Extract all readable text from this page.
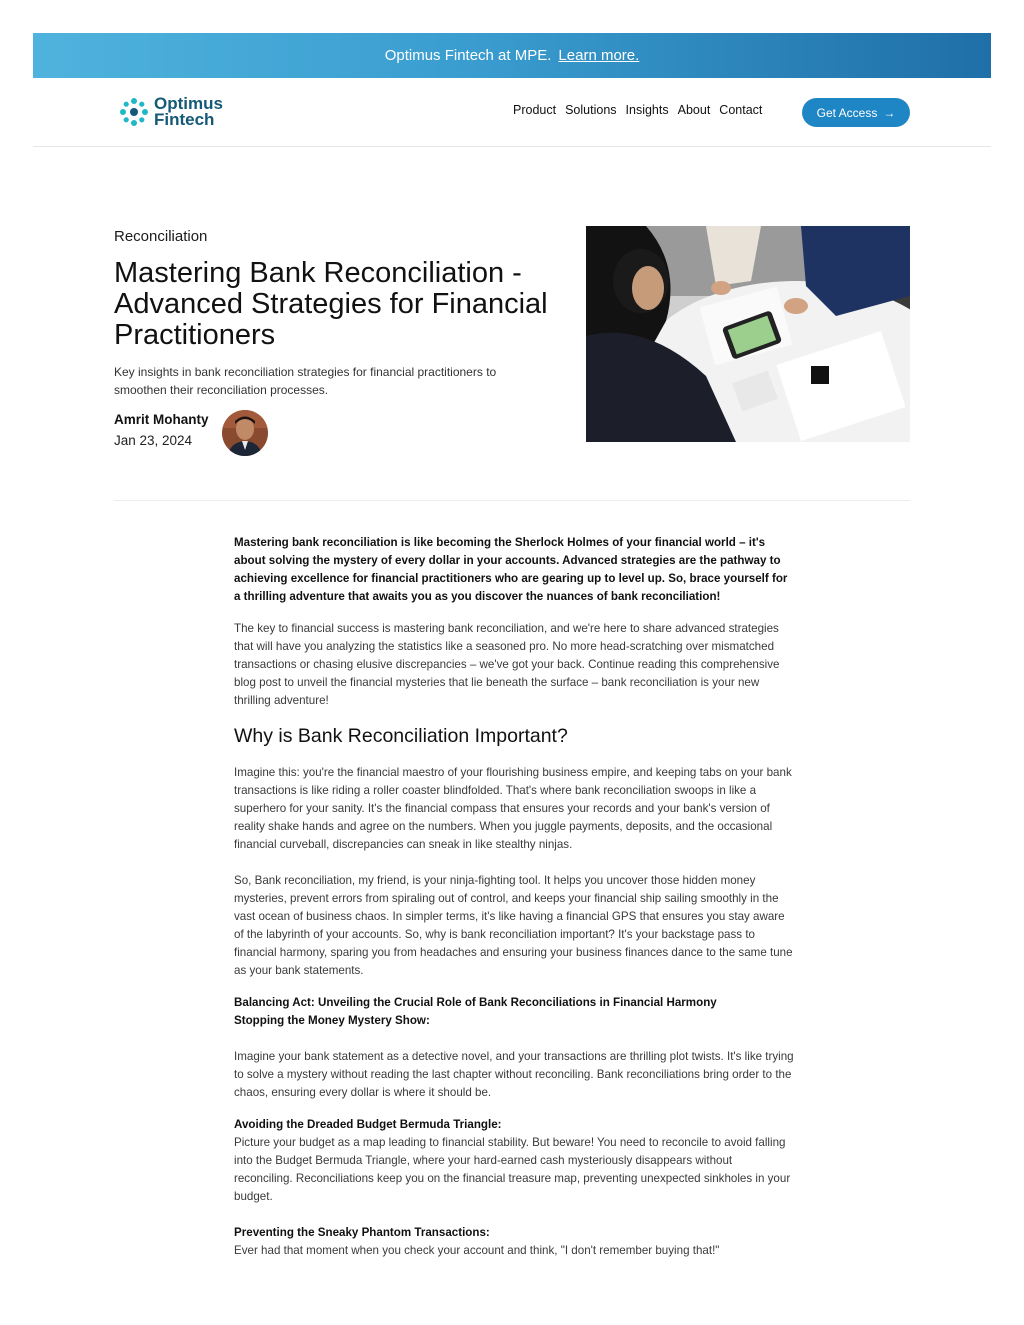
Optimus Fintech at MPE. Learn more.
Optimus
Fintech	Product Solutions Insights About Contact	Get Access →
Reconciliation
Mastering Bank Reconciliation - Advanced Strategies for Financial Practitioners
Key insights in bank reconciliation strategies for financial practitioners to smoothen their reconciliation processes.
Amrit Mohanty
Jan 23, 2024

Mastering bank reconciliation is like becoming the Sherlock Holmes of your financial world – it's about solving the mystery of every dollar in your accounts. Advanced strategies are the pathway to achieving excellence for financial practitioners who are gearing up to level up. So, brace yourself for a thrilling adventure that awaits you as you discover the nuances of bank reconciliation!

The key to financial success is mastering bank reconciliation, and we're here to share advanced strategies that will have you analyzing the statistics like a seasoned pro. No more head-scratching over mismatched transactions or chasing elusive discrepancies – we've got your back. Continue reading this comprehensive blog post to unveil the financial mysteries that lie beneath the surface – bank reconciliation is your new thrilling adventure!

Why is Bank Reconciliation Important?

Imagine this: you're the financial maestro of your flourishing business empire, and keeping tabs on your bank transactions is like riding a roller coaster blindfolded. That's where bank reconciliation swoops in like a superhero for your sanity. It's the financial compass that ensures your records and your bank's version of reality shake hands and agree on the numbers. When you juggle payments, deposits, and the occasional financial curveball, discrepancies can sneak in like stealthy ninjas.

So, Bank reconciliation, my friend, is your ninja-fighting tool. It helps you uncover those hidden money mysteries, prevent errors from spiraling out of control, and keeps your financial ship sailing smoothly in the vast ocean of business chaos. In simpler terms, it's like having a financial GPS that ensures you stay aware of the labyrinth of your accounts. So, why is bank reconciliation important? It's your backstage pass to financial harmony, sparing you from headaches and ensuring your business finances dance to the same tune as your bank statements.

Balancing Act: Unveiling the Crucial Role of Bank Reconciliations in Financial Harmony
Stopping the Money Mystery Show:

Imagine your bank statement as a detective novel, and your transactions are thrilling plot twists. It's like trying to solve a mystery without reading the last chapter without reconciling. Bank reconciliations bring order to the chaos, ensuring every dollar is where it should be.

Avoiding the Dreaded Budget Bermuda Triangle:

Picture your budget as a map leading to financial stability. But beware! You need to reconcile to avoid falling into the Budget Bermuda Triangle, where your hard-earned cash mysteriously disappears without reconciling. Reconciliations keep you on the financial treasure map, preventing unexpected sinkholes in your budget.

Preventing the Sneaky Phantom Transactions:

Ever had that moment when you check your account and think, "I don't remember buying that!"
